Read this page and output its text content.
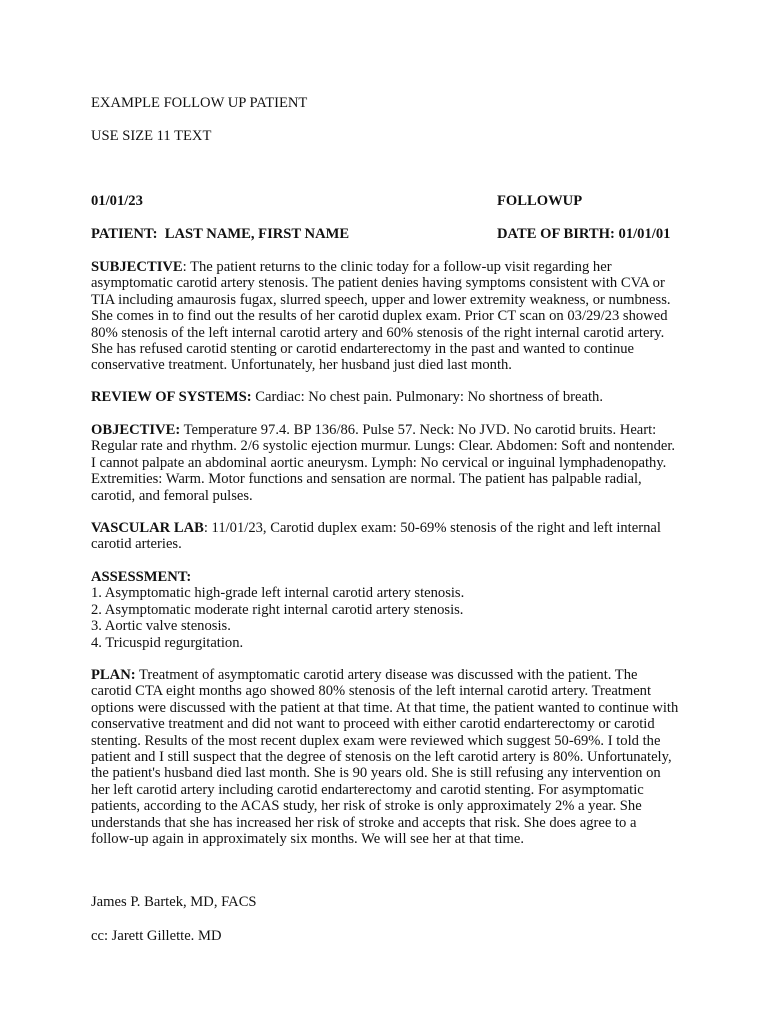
EXAMPLE FOLLOW UP PATIENT
USE SIZE 11 TEXT
01/01/23	FOLLOWUP
PATIENT: LAST NAME, FIRST NAME	DATE OF BIRTH: 01/01/01
SUBJECTIVE: The patient returns to the clinic today for a follow-up visit regarding her asymptomatic carotid artery stenosis. The patient denies having symptoms consistent with CVA or TIA including amaurosis fugax, slurred speech, upper and lower extremity weakness, or numbness. She comes in to find out the results of her carotid duplex exam. Prior CT scan on 03/29/23 showed 80% stenosis of the left internal carotid artery and 60% stenosis of the right internal carotid artery. She has refused carotid stenting or carotid endarterectomy in the past and wanted to continue conservative treatment. Unfortunately, her husband just died last month.
REVIEW OF SYSTEMS: Cardiac: No chest pain. Pulmonary: No shortness of breath.
OBJECTIVE: Temperature 97.4. BP 136/86. Pulse 57. Neck: No JVD. No carotid bruits. Heart: Regular rate and rhythm. 2/6 systolic ejection murmur. Lungs: Clear. Abdomen: Soft and nontender. I cannot palpate an abdominal aortic aneurysm. Lymph: No cervical or inguinal lymphadenopathy. Extremities: Warm. Motor functions and sensation are normal. The patient has palpable radial, carotid, and femoral pulses.
VASCULAR LAB: 11/01/23, Carotid duplex exam: 50-69% stenosis of the right and left internal carotid arteries.
ASSESSMENT:
1. Asymptomatic high-grade left internal carotid artery stenosis.
2. Asymptomatic moderate right internal carotid artery stenosis.
3. Aortic valve stenosis.
4. Tricuspid regurgitation.
PLAN: Treatment of asymptomatic carotid artery disease was discussed with the patient. The carotid CTA eight months ago showed 80% stenosis of the left internal carotid artery. Treatment options were discussed with the patient at that time. At that time, the patient wanted to continue with conservative treatment and did not want to proceed with either carotid endarterectomy or carotid stenting. Results of the most recent duplex exam were reviewed which suggest 50-69%. I told the patient and I still suspect that the degree of stenosis on the left carotid artery is 80%. Unfortunately, the patient's husband died last month. She is 90 years old. She is still refusing any intervention on her left carotid artery including carotid endarterectomy and carotid stenting. For asymptomatic patients, according to the ACAS study, her risk of stroke is only approximately 2% a year. She understands that she has increased her risk of stroke and accepts that risk. She does agree to a follow-up again in approximately six months. We will see her at that time.
James P. Bartek, MD, FACS
cc: Jarett Gillette. MD
